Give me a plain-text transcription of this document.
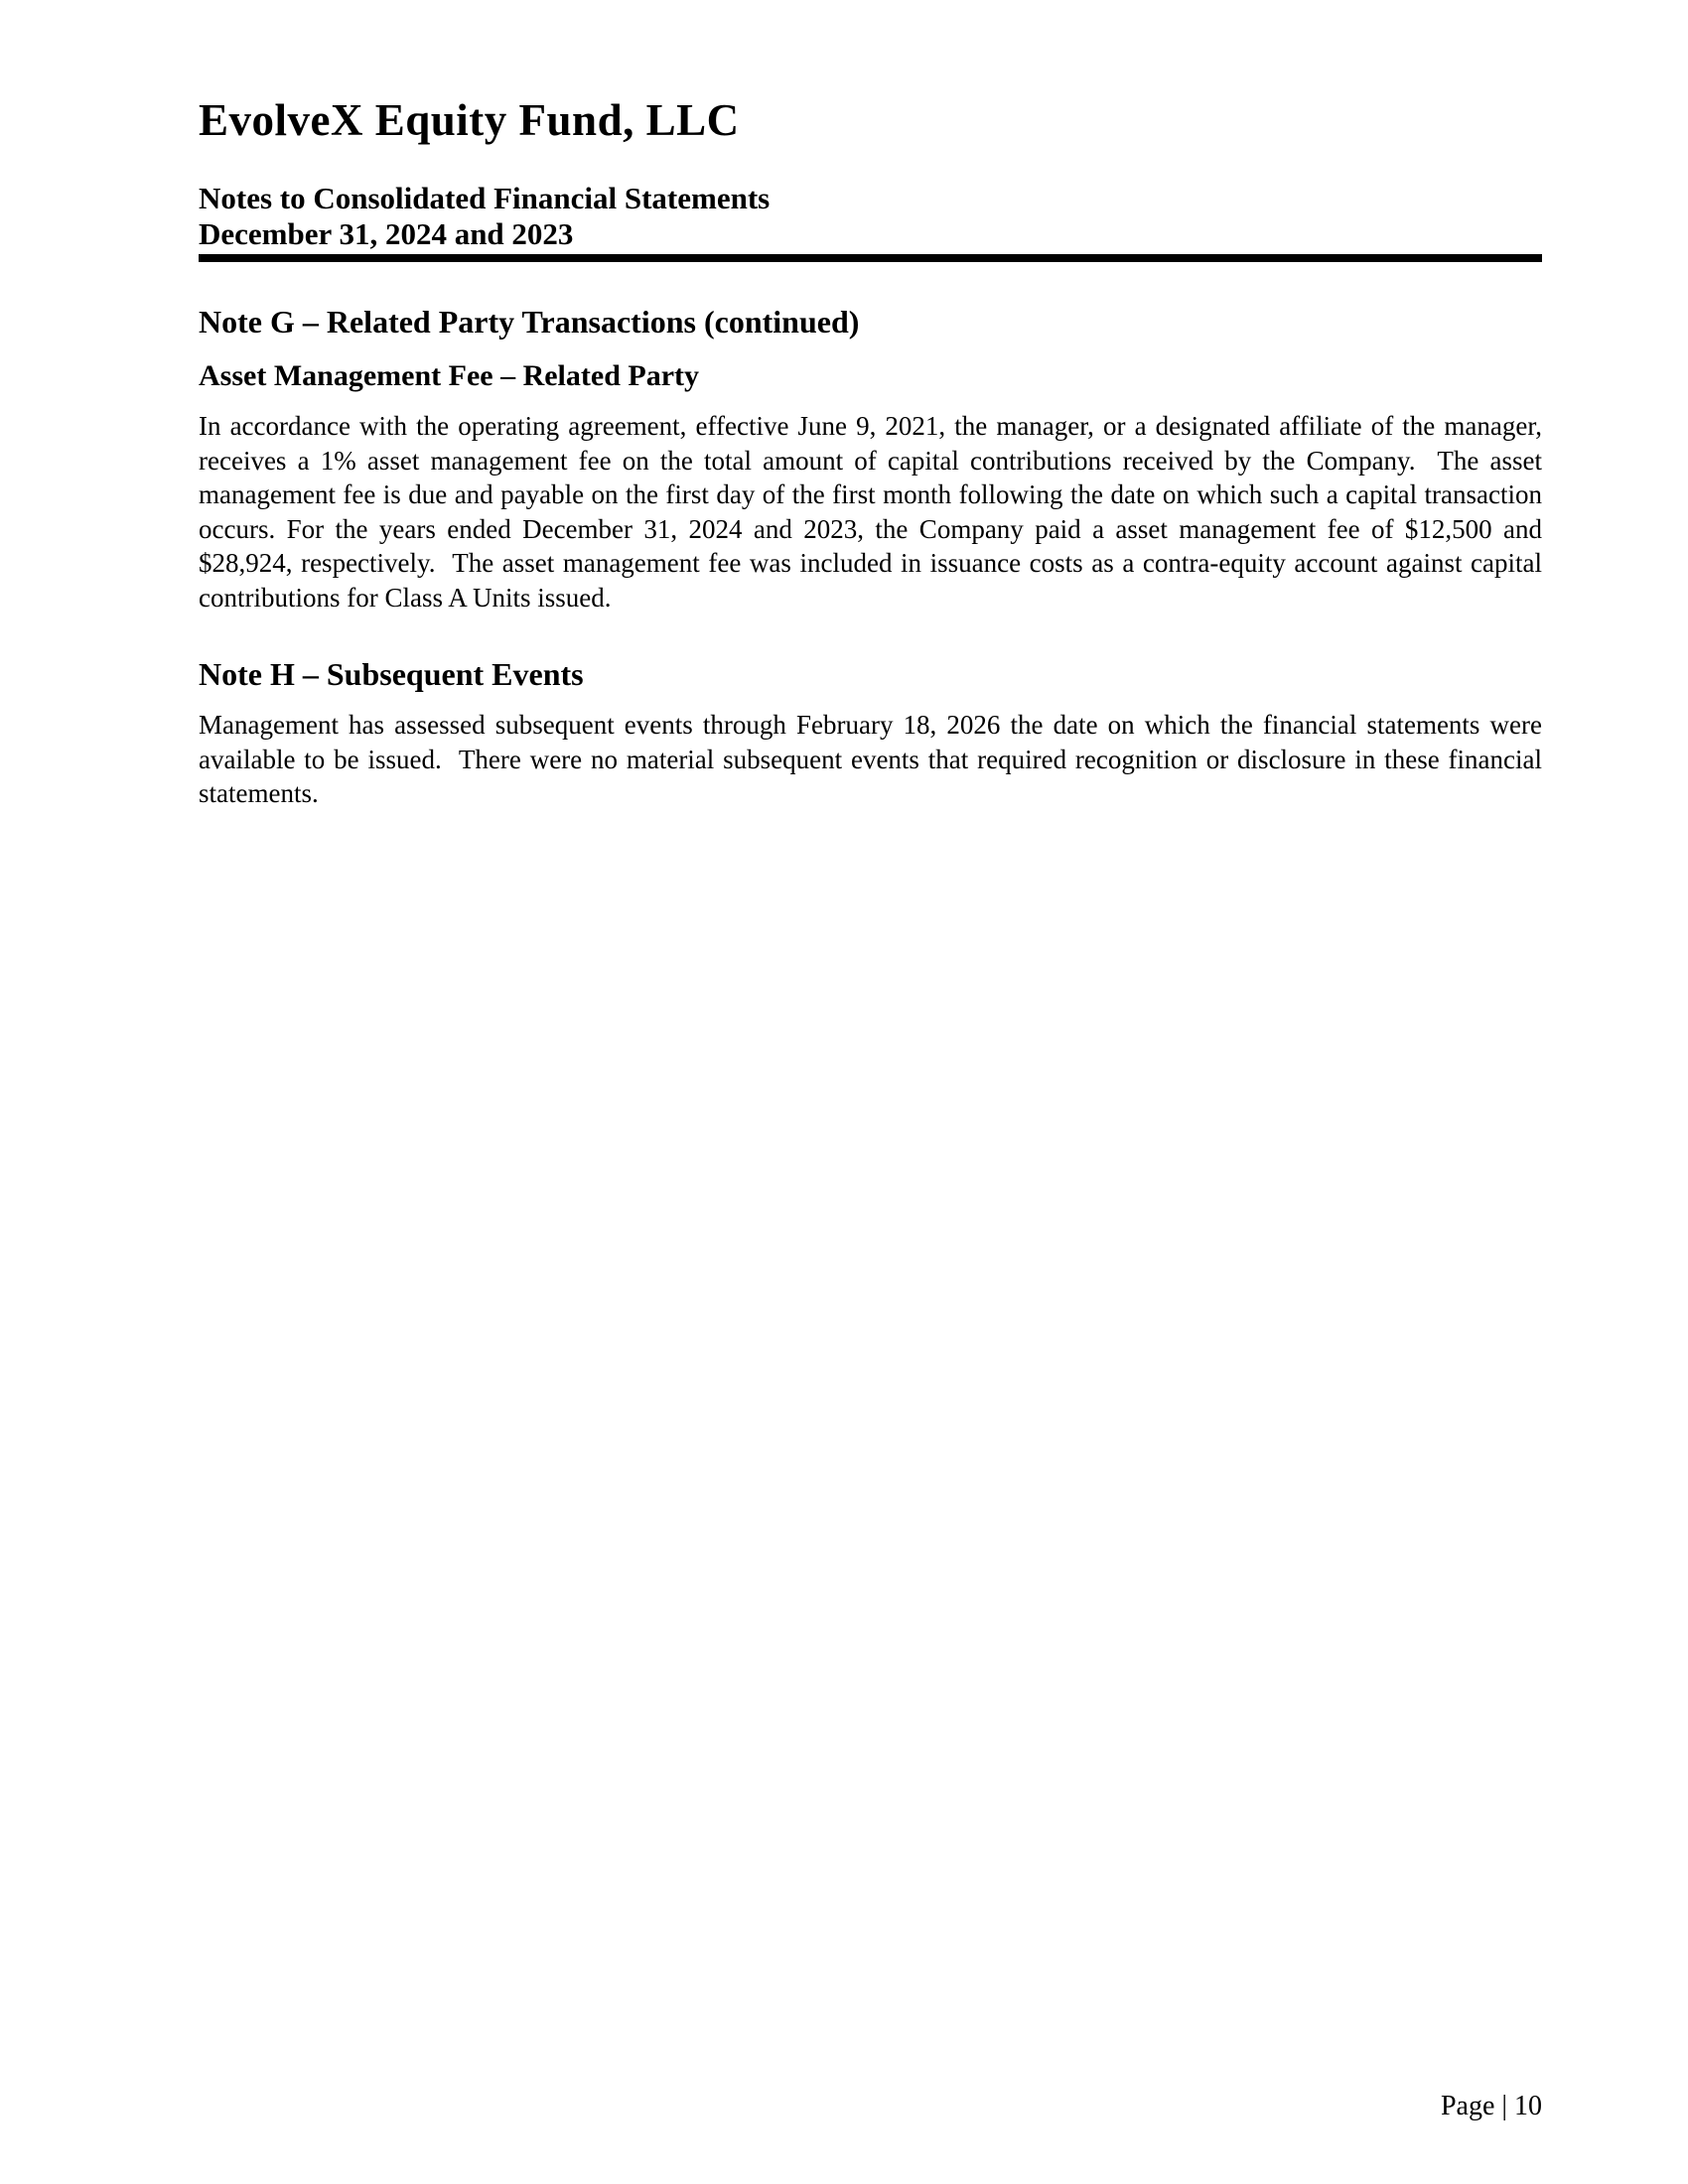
EvolveX Equity Fund, LLC
Notes to Consolidated Financial Statements
December 31, 2024 and 2023
Note G – Related Party Transactions (continued)
Asset Management Fee – Related Party
In accordance with the operating agreement, effective June 9, 2021, the manager, or a designated affiliate of the manager, receives a 1% asset management fee on the total amount of capital contributions received by the Company.  The asset management fee is due and payable on the first day of the first month following the date on which such a capital transaction occurs. For the years ended December 31, 2024 and 2023, the Company paid a asset management fee of $12,500 and $28,924, respectively.  The asset management fee was included in issuance costs as a contra-equity account against capital contributions for Class A Units issued.
Note H – Subsequent Events
Management has assessed subsequent events through February 18, 2026 the date on which the financial statements were available to be issued.  There were no material subsequent events that required recognition or disclosure in these financial statements.
Page | 10
